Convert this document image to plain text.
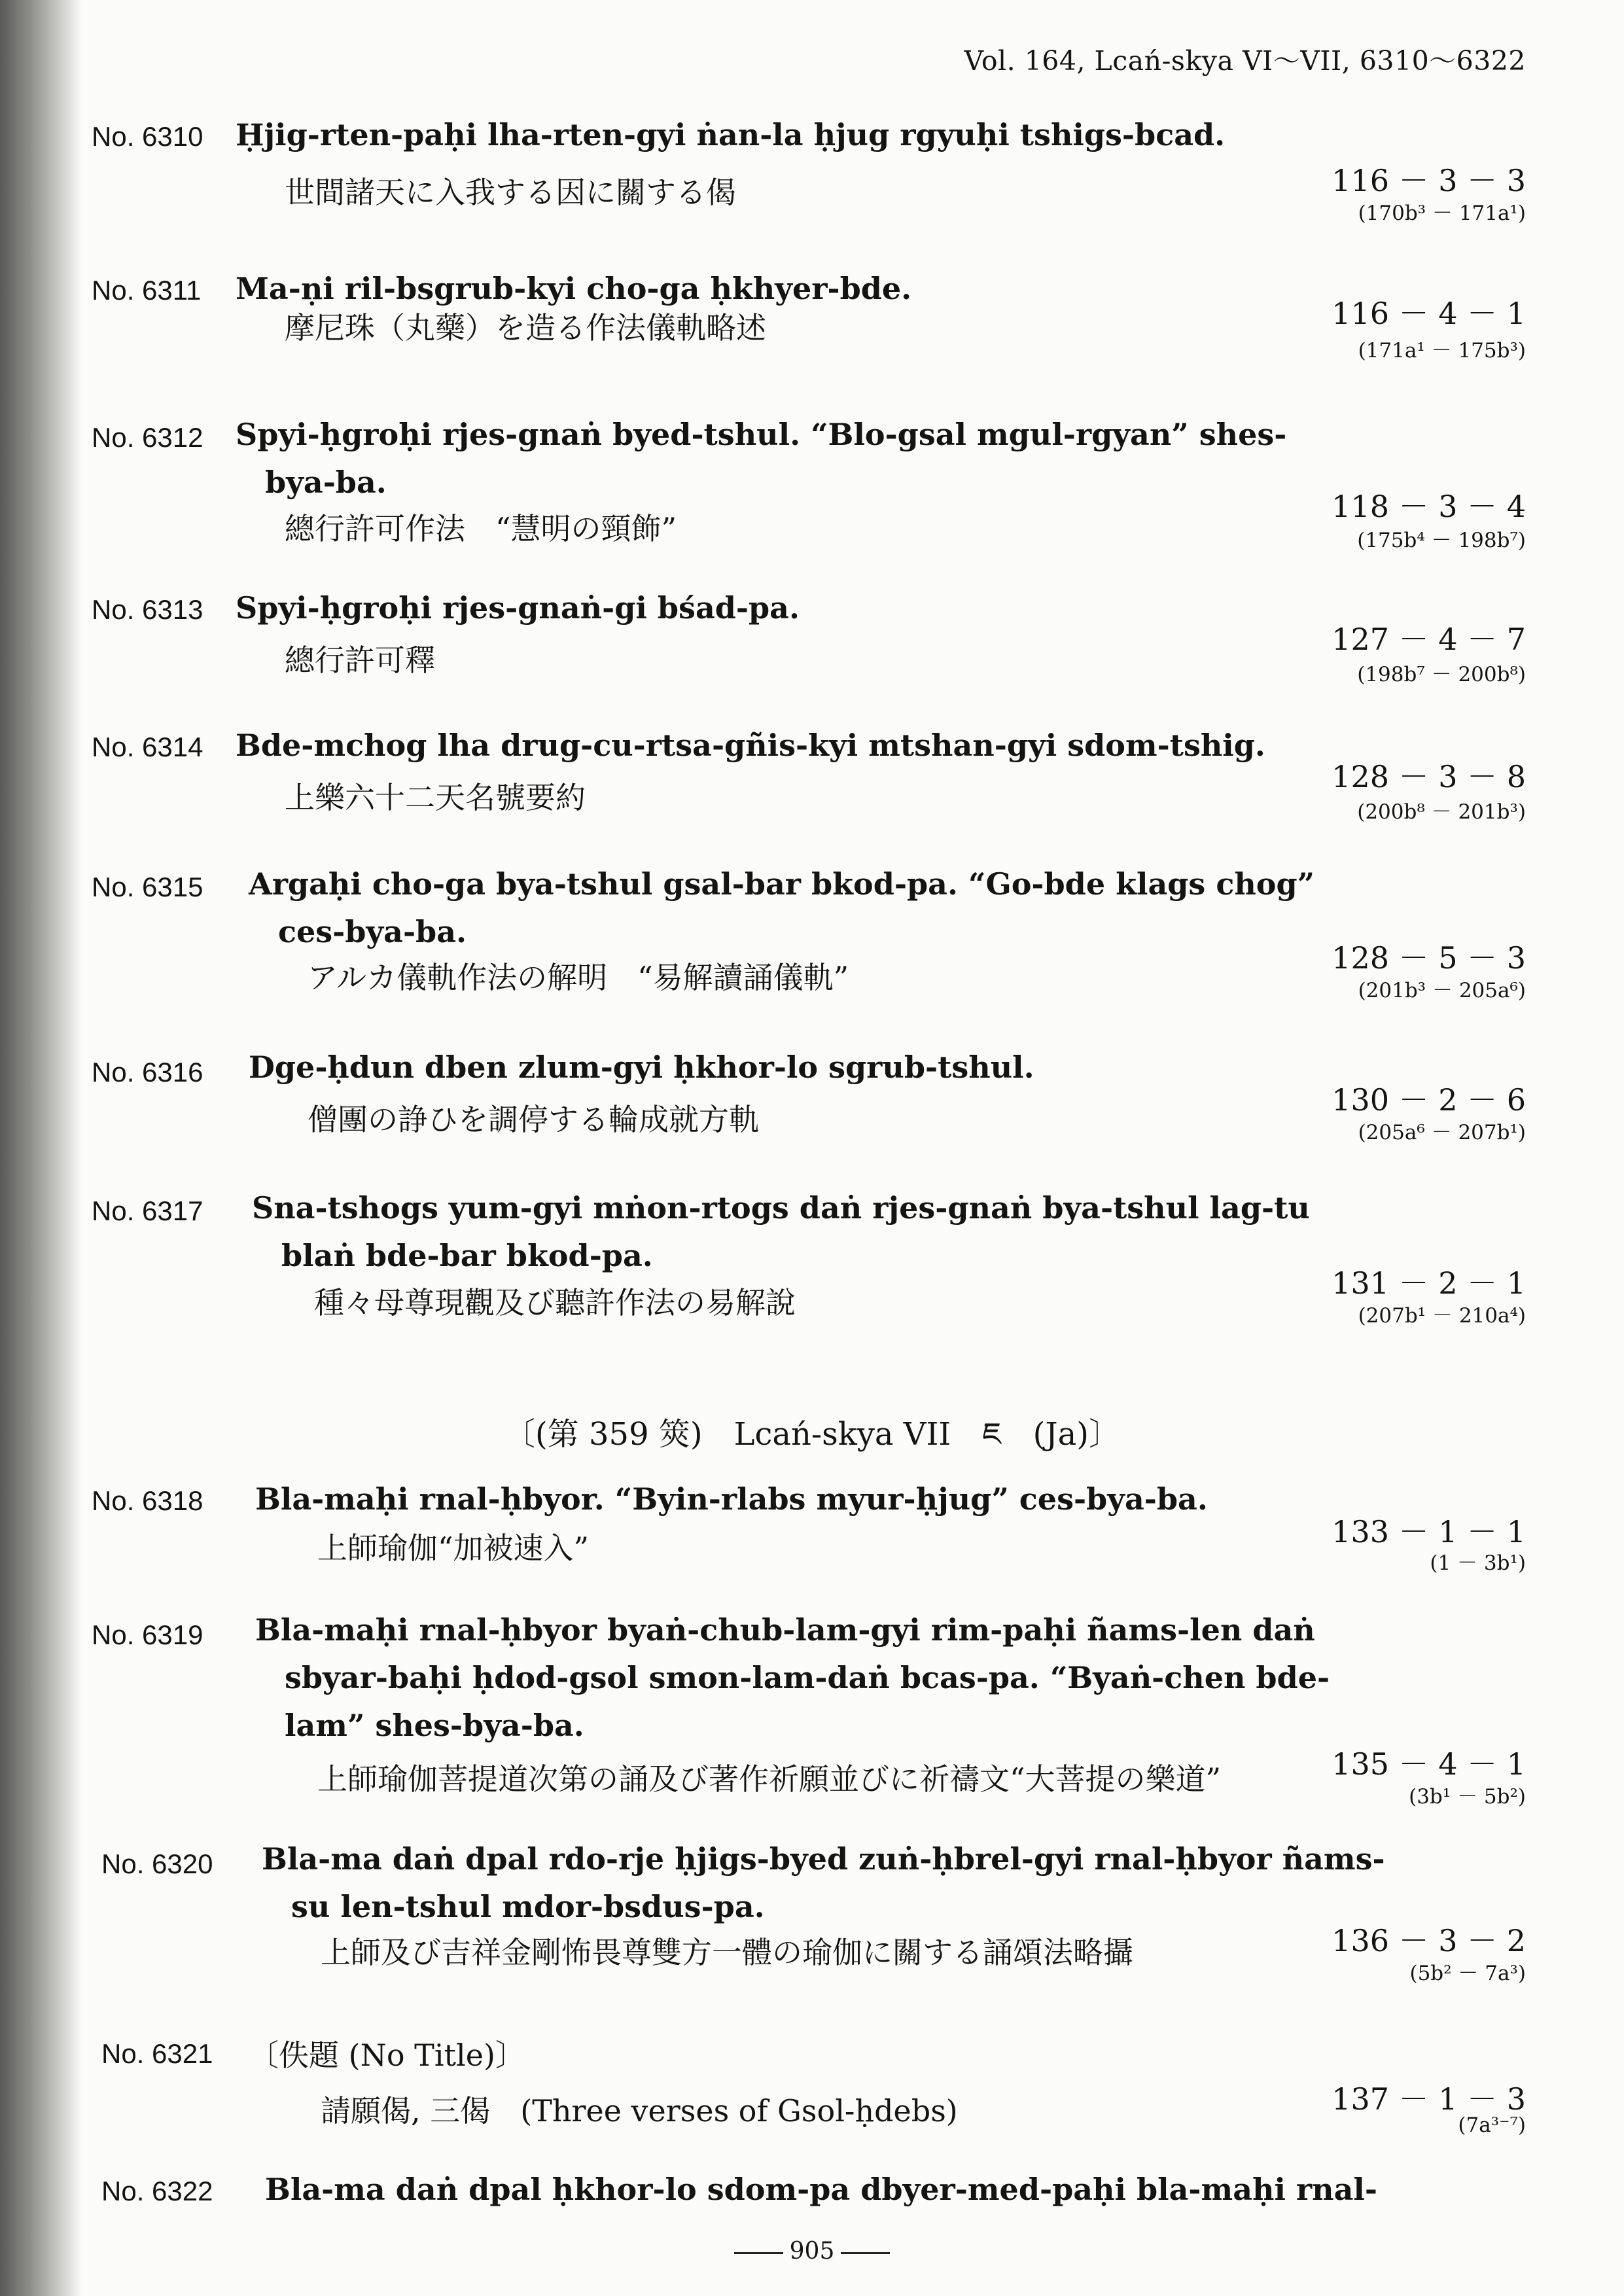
Vol. 164, Lcań-skya VI～VII, 6310～6322
No. 6310 Ḥjig-rten-paḥi lha-rten-gyi ṅan-la ḥjug rgyuḥi tshigs-bcad.
世間諸天に入我する因に關する偈	116 － 3 － 3
(170b³ － 171a¹)
No. 6311 Ma-ṇi ril-bsgrub-kyi cho-ga ḥkhyer-bde.
摩尼珠（丸藥）を造る作法儀軌略述	116 － 4 － 1
(171a¹ － 175b³)
No. 6312 Spyi-ḥgroḥi rjes-gnaṅ byed-tshul. “Blo-gsal mgul-rgyan” shes-
bya-ba.
總行許可作法　“慧明の頸飾”
118 － 3 － 4
(175b⁴ － 198b⁷)
No. 6313 Spyi-ḥgroḥi rjes-gnaṅ-gi bśad-pa.
總行許可釋
127 － 4 － 7
(198b⁷ － 200b⁸)
No. 6314 Bde-mchog lha drug-cu-rtsa-gñis-kyi mtshan-gyi sdom-tshig.
上樂六十二天名號要約
128 － 3 － 8
(200b⁸ － 201b³)
No. 6315 Argaḥi cho-ga bya-tshul gsal-bar bkod-pa. “Go-bde klags chog”
ces-bya-ba.
アルカ儀軌作法の解明　“易解讀誦儀軌”
128 － 5 － 3
(201b³ － 205a⁶)
No. 6316 Dge-ḥdun dben zlum-gyi ḥkhor-lo sgrub-tshul.
僧團の諍ひを調停する輪成就方軌
130 － 2 － 6
(205a⁶ － 207b¹)
No. 6317 Sna-tshogs yum-gyi mṅon-rtogs daṅ rjes-gnaṅ bya-tshul lag-tu
blaṅ bde-bar bkod-pa.
種々母尊現觀及び聽許作法の易解說
131 － 2 － 1
(207b¹ － 210a⁴)
〔(第 359 筴)　Lcań-skya VII　ཇ　(Ja)〕
No. 6318 Bla-maḥi rnal-ḥbyor. “Byin-rlabs myur-ḥjug” ces-bya-ba.
上師瑜伽“加被速入”	133 － 1 － 1
(1 － 3b¹)
No. 6319 Bla-maḥi rnal-ḥbyor byaṅ-chub-lam-gyi rim-paḥi ñams-len daṅ
sbyar-baḥi ḥdod-gsol smon-lam-daṅ bcas-pa. “Byaṅ-chen bde-
lam” shes-bya-ba.
上師瑜伽菩提道次第の誦及び著作祈願並びに祈禱文“大菩提の樂道”	135 － 4 － 1
(3b¹ － 5b²)
No. 6320 Bla-ma daṅ dpal rdo-rje ḥjigs-byed zuṅ-ḥbrel-gyi rnal-ḥbyor ñams-
su len-tshul mdor-bsdus-pa.
上師及び吉祥金剛怖畏尊雙方一體の瑜伽に關する誦頌法略攝	136 － 3 － 2
(5b² － 7a³)
No. 6321 〔佚題 (No Title)〕
請願偈, 三偈　(Three verses of Gsol-ḥdebs)	137 － 1 － 3
(7a³⁻⁷)
No. 6322 Bla-ma daṅ dpal ḥkhor-lo sdom-pa dbyer-med-paḥi bla-maḥi rnal-
905
